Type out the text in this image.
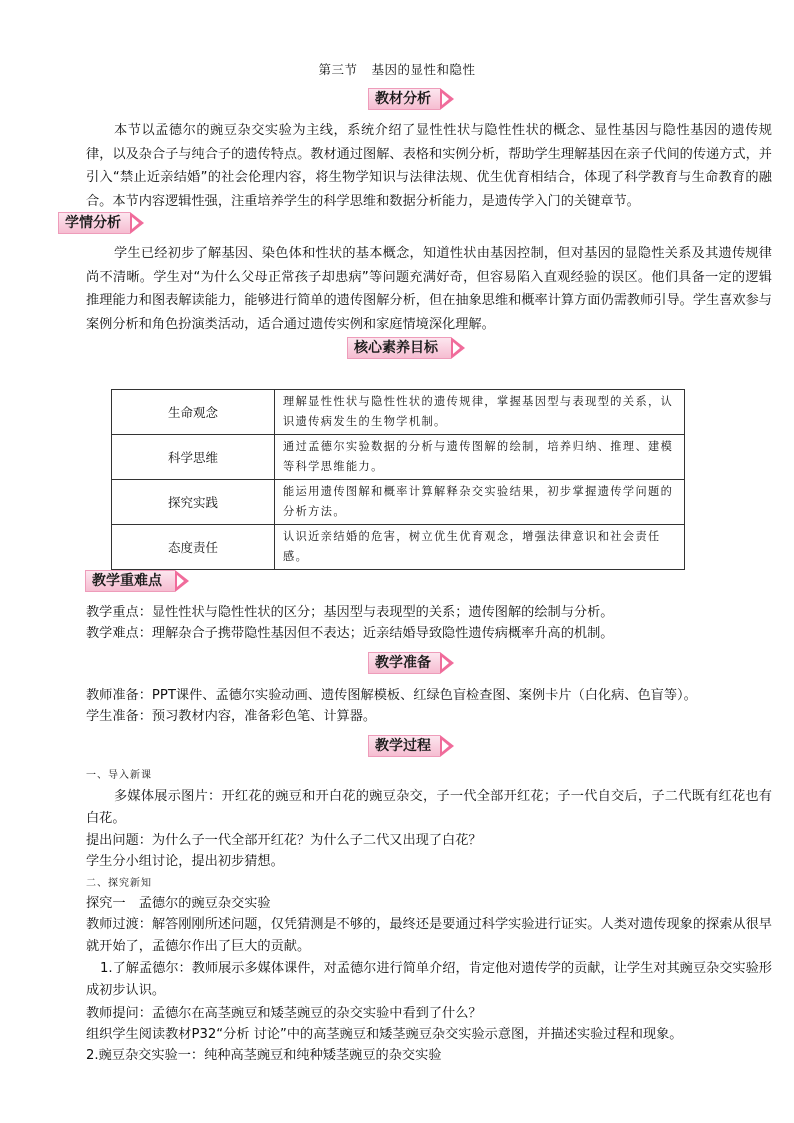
第三节 基因的显性和隐性
教材分析

本节以孟德尔的豌豆杂交实验为主线，系统介绍了显性性状与隐性性状的概念、显性基因与隐性基因的遗传规律，以及杂合子与纯合子的遗传特点。教材通过图解、表格和实例分析，帮助学生理解基因在亲子代间的传递方式，并引入“禁止近亲结婚”的社会伦理内容，将生物学知识与法律法规、优生优育相结合，体现了科学教育与生命教育的融合。本节内容逻辑性强，注重培养学生的科学思维和数据分析能力，是遗传学入门的关键章节。

学情分析

学生已经初步了解基因、染色体和性状的基本概念，知道性状由基因控制，但对基因的显隐性关系及其遗传规律尚不清晰。学生对“为什么父母正常孩子却患病”等问题充满好奇，但容易陷入直观经验的误区。他们具备一定的逻辑推理能力和图表解读能力，能够进行简单的遗传图解分析，但在抽象思维和概率计算方面仍需教师引导。学生喜欢参与案例分析和角色扮演类活动，适合通过遗传实例和家庭情境深化理解。

核心素养目标
生命观念	理解显性性状与隐性性状的遗传规律，掌握基因型与表现型的关系，认识遗传病发生的生物学机制。
科学思维	通过孟德尔实验数据的分析与遗传图解的绘制，培养归纳、推理、建模等科学思维能力。
探究实践	能运用遗传图解和概率计算解释杂交实验结果，初步掌握遗传学问题的分析方法。
态度责任	认识近亲结婚的危害，树立优生优育观念，增强法律意识和社会责任感。
教学重难点
教学重点：显性性状与隐性性状的区分；基因型与表现型的关系；遗传图解的绘制与分析。
教学难点：理解杂合子携带隐性基因但不表达；近亲结婚导致隐性遗传病概率升高的机制。
教学准备
教师准备：PPT课件、孟德尔实验动画、遗传图解模板、红绿色盲检查图、案例卡片（白化病、色盲等）。
学生准备：预习教材内容，准备彩色笔、计算器。
教学过程
一、导入新课

多媒体展示图片：开红花的豌豆和开白花的豌豆杂交，子一代全部开红花；子一代自交后，子二代既有红花也有白花。

提出问题：为什么子一代全部开红花？为什么子二代又出现了白花？
学生分小组讨论，提出初步猜想。
二、探究新知
探究一　孟德尔的豌豆杂交实验

教师过渡：解答刚刚所述问题，仅凭猜测是不够的，最终还是要通过科学实验进行证实。人类对遗传现象的探索从很早就开始了，孟德尔作出了巨大的贡献。

1.了解孟德尔：教师展示多媒体课件，对孟德尔进行简单介绍，肯定他对遗传学的贡献，让学生对其豌豆杂交实验形成初步认识。

教师提问：孟德尔在高茎豌豆和矮茎豌豆的杂交实验中看到了什么？
组织学生阅读教材P32“分析 讨论”中的高茎豌豆和矮茎豌豆杂交实验示意图，并描述实验过程和现象。
2.豌豆杂交实验一：纯种高茎豌豆和纯种矮茎豌豆的杂交实验
